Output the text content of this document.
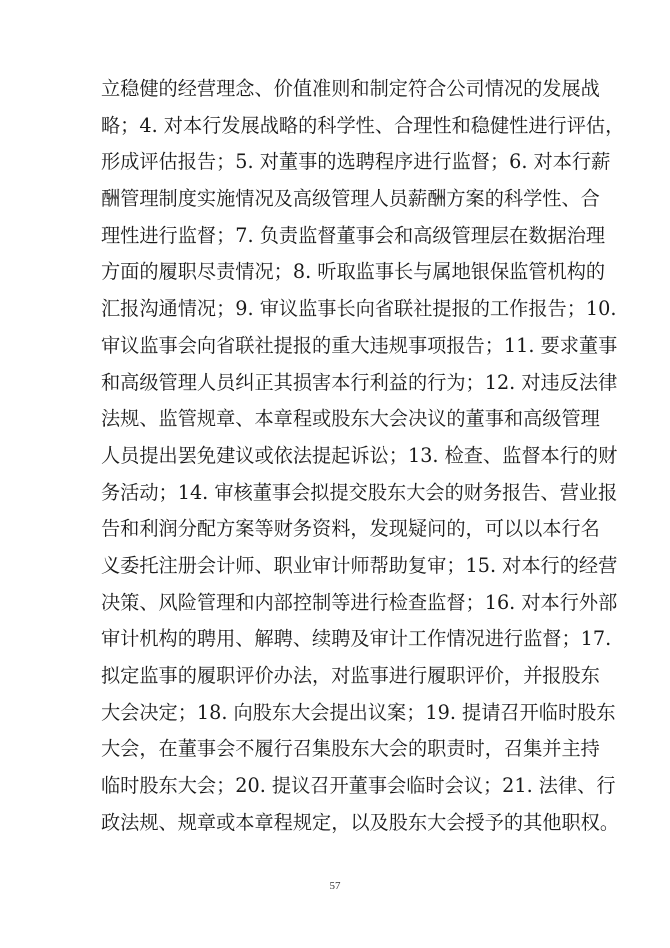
立稳健的经营理念、价值准则和制定符合公司情况的发展战
略；4. 对本行发展战略的科学性、合理性和稳健性进行评估，
形成评估报告；5. 对董事的选聘程序进行监督；6. 对本行薪
酬管理制度实施情况及高级管理人员薪酬方案的科学性、合
理性进行监督；7. 负责监督董事会和高级管理层在数据治理
方面的履职尽责情况；8. 听取监事长与属地银保监管机构的
汇报沟通情况；9. 审议监事长向省联社提报的工作报告；10.
审议监事会向省联社提报的重大违规事项报告；11. 要求董事
和高级管理人员纠正其损害本行利益的行为；12. 对违反法律
法规、监管规章、本章程或股东大会决议的董事和高级管理
人员提出罢免建议或依法提起诉讼；13. 检查、监督本行的财
务活动；14. 审核董事会拟提交股东大会的财务报告、营业报
告和利润分配方案等财务资料，发现疑问的，可以以本行名
义委托注册会计师、职业审计师帮助复审；15. 对本行的经营
决策、风险管理和内部控制等进行检查监督；16. 对本行外部
审计机构的聘用、解聘、续聘及审计工作情况进行监督；17.
拟定监事的履职评价办法，对监事进行履职评价，并报股东
大会决定；18. 向股东大会提出议案；19. 提请召开临时股东
大会，在董事会不履行召集股东大会的职责时，召集并主持
临时股东大会；20. 提议召开董事会临时会议；21. 法律、行
政法规、规章或本章程规定，以及股东大会授予的其他职权。
57
